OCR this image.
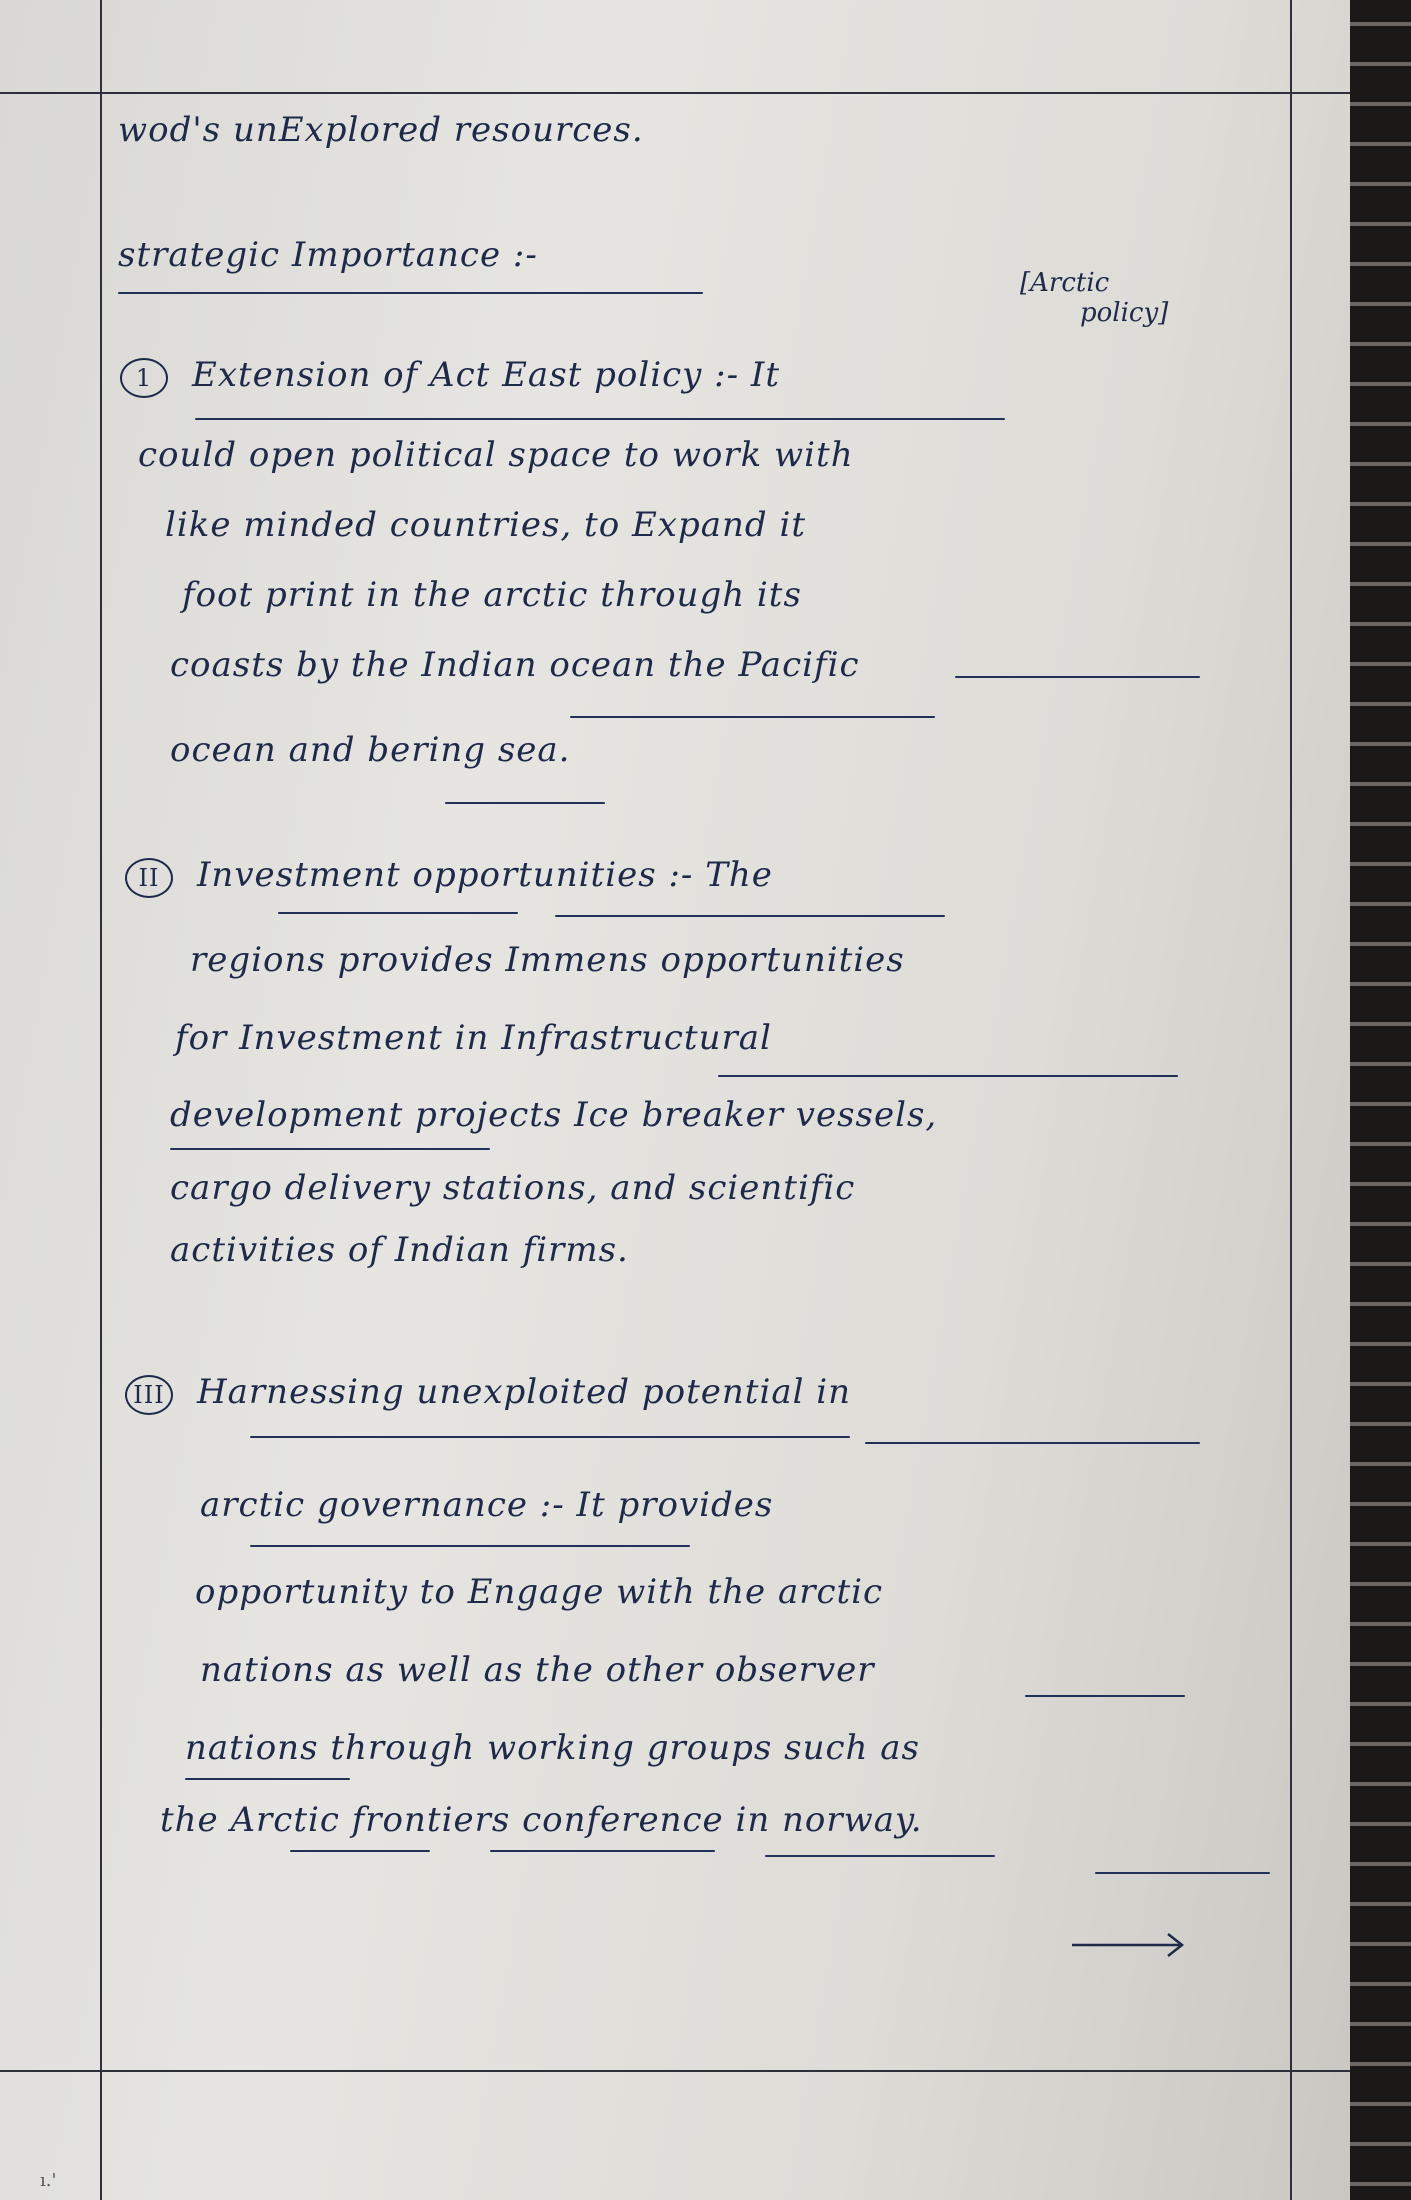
[Arctic
policy]
wod's unExplored resources.
strategic Importance :-
1 Extension of Act East policy :- It
could open political space to work with
like minded countries, to Expand it
foot print in the arctic through its
coasts by the Indian ocean the Pacific
ocean and bering sea.
II Investment opportunities :- The
regions provides Immens opportunities
for Investment in Infrastructural
development projects Ice breaker vessels,
cargo delivery stations, and scientific
activities of Indian firms.
III Harnessing unexploited potential in
arctic governance :- It provides
opportunity to Engage with the arctic
nations as well as the other observer
nations through working groups such as
the Arctic frontiers conference in norway.
ı.'
